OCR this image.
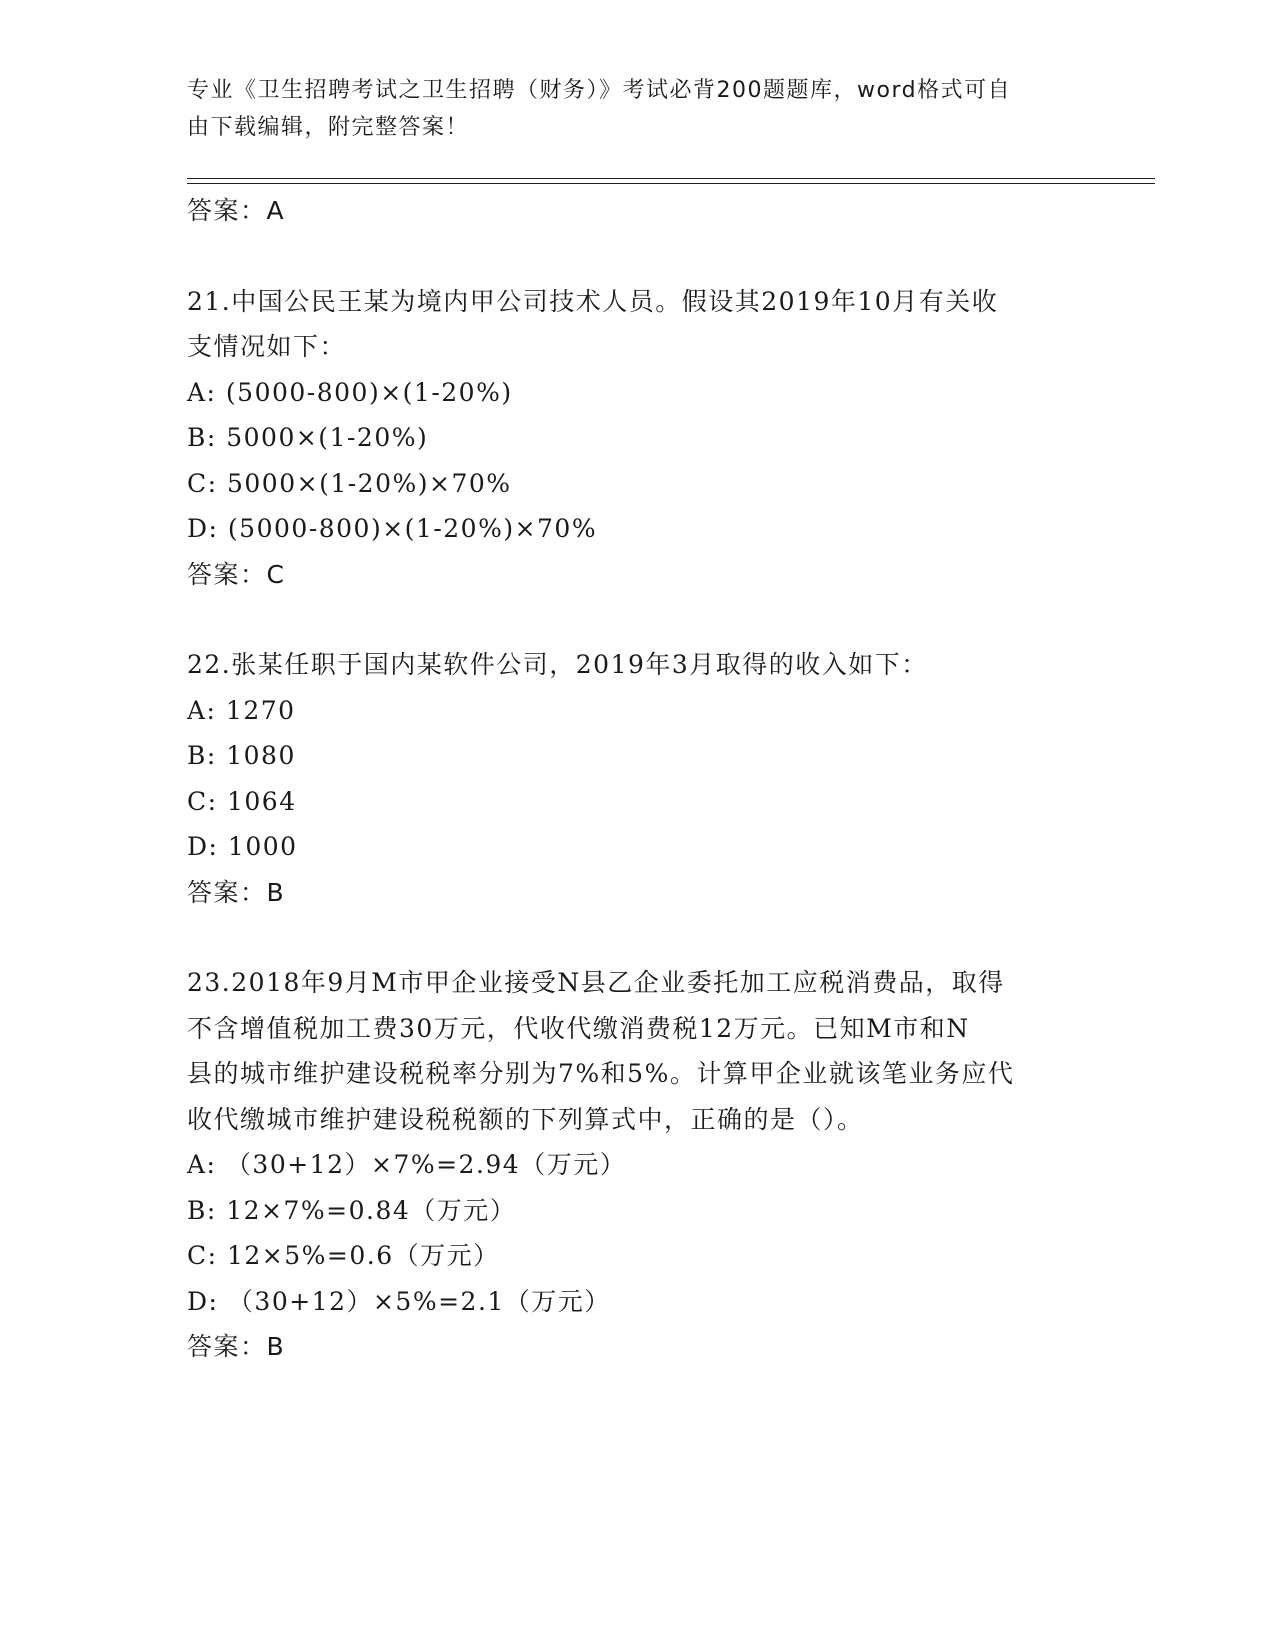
专业《卫生招聘考试之卫生招聘（财务）》考试必背200题题库，word格式可自
由下载编辑，附完整答案！
答案：A
21.中国公民王某为境内甲公司技术人员。假设其2019年10月有关收
支情况如下：
A: (5000-800)×(1-20%)
B: 5000×(1-20%)
C: 5000×(1-20%)×70%
D: (5000-800)×(1-20%)×70%
答案：C
22.张某任职于国内某软件公司，2019年3月取得的收入如下：
A: 1270
B: 1080
C: 1064
D: 1000
答案：B
23.2018年9月M市甲企业接受N县乙企业委托加工应税消费品，取得
不含增值税加工费30万元，代收代缴消费税12万元。已知M市和N
县的城市维护建设税税率分别为7%和5%。计算甲企业就该笔业务应代
收代缴城市维护建设税税额的下列算式中，正确的是（）。
A: （30+12）×7%=2.94（万元）
B: 12×7%=0.84（万元）
C: 12×5%=0.6（万元）
D: （30+12）×5%=2.1（万元）
答案：B
